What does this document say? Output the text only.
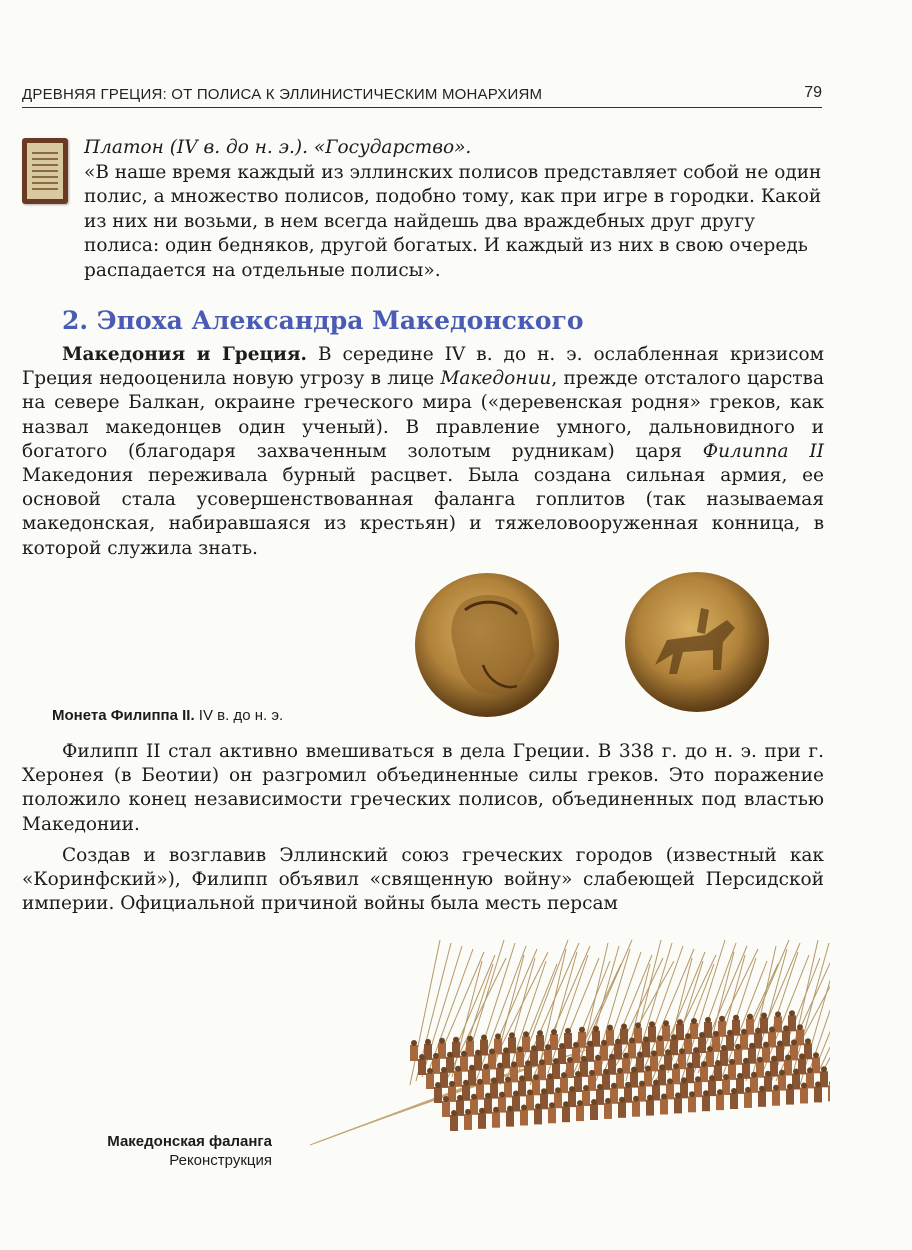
ДРЕВНЯЯ ГРЕЦИЯ: ОТ ПОЛИСА К ЭЛЛИНИСТИЧЕСКИМ МОНАРХИЯМ	79
Платон (IV в. до н. э.). «Государство».
«В наше время каждый из эллинских полисов представляет собой не один полис, а множество полисов, подобно тому, как при игре в городки. Какой из них ни возьми, в нем всегда найдешь два враждебных друг другу полиса: один бедняков, другой богатых. И каждый из них в свою очередь распадается на отдельные полисы».
2. Эпоха Александра Македонского
Македония и Греция. В середине IV в. до н. э. ослабленная кризисом Греция недооценила новую угрозу в лице Македонии, прежде отсталого царства на севере Балкан, окраине греческого мира («деревенская родня» греков, как назвал македонцев один ученый). В правление умного, дальновидного и богатого (благодаря захваченным золотым рудникам) царя Филиппа II Македония переживала бурный расцвет. Была создана сильная армия, ее основой стала усовершенствованная фаланга гоплитов (так называемая македонская, набиравшаяся из крестьян) и тяжеловооруженная конница, в которой служила знать.
Монета Филиппа II. IV в. до н. э.
Филипп II стал активно вмешиваться в дела Греции. В 338 г. до н. э. при г. Херонея (в Беотии) он разгромил объединенные силы греков. Это поражение положило конец независимости греческих полисов, объединенных под властью Македонии.
Создав и возглавив Эллинский союз греческих городов (известный как «Коринфский»), Филипп объявил «священную войну» слабеющей Персидской империи. Официальной причиной войны была месть персам
Македонская фаланга
Реконструкция
